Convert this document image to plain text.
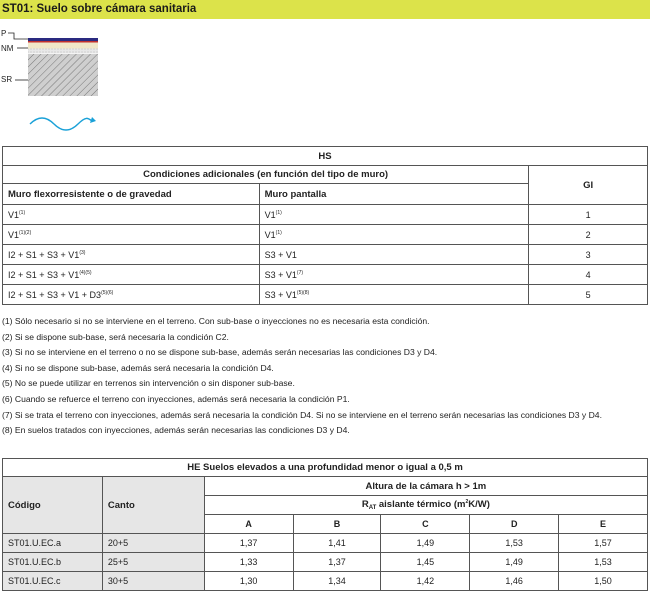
ST01: Suelo sobre cámara sanitaria
P
NM
SR
HS		
Condiciones adicionales (en función del tipo de muro)		GI
Muro flexorresistente o de gravedad	Muro pantalla	
V1$^{(1)}$	V1$^{(1)}$	1
$V1^{(1)(2)}$	V1$^{(1)}$	2
$I2 + S1 + S3 + V1^{(3)}$	S3 + V1	3
$I2 + S1 + S3 + V1^{(4)(5)}$	$S3 + V1^{(7)}$	4
$I2 + S1 + S3 + V1 + D3^{(5)(6)}$	$S3 + V1^{(5)(8)}$	5
(1) Sólo necesario si no se interviene en el terreno. Con sub-base o inyecciones no es necesaria esta condición.
(2) Si se dispone sub-base, será necesaria la condición C2.
(3) Si no se interviene en el terreno o no se dispone sub-base, además serán necesarias las condiciones D3 y D4.
(4) Si no se dispone sub-base, además será necesaria la condición D4.
(5) No se puede utilizar en terrenos sin intervención o sin disponer sub-base.
(6) Cuando se refuerce el terreno con inyecciones, además será necesaria la condición P1.
(7) Si se trata el terreno con inyecciones, además será necesaria la condición D4. Si no se interviene en el terreno serán necesarias las condiciones D3 y D4.
(8) En suelos tratados con inyecciones, además serán necesarias las condiciones D3 y D4.
HE Suelos elevados a una profundidad menor o igual a 0,5 m						
Código	Canto	Altura de la cámara h > 1m				
		$R_{AT}$ aislante térmico $(m^2K/W)$				
		A	B	C	D	E
ST01.U.EC.a	20+5	1,37	1,41	1,49	1,53	1,57
ST01.U.EC.b	25+5	1,33	1,37	1,45	1,49	1,53
ST01.U.EC.c	30+5	1,30	1,34	1,42	1,46	1,50
